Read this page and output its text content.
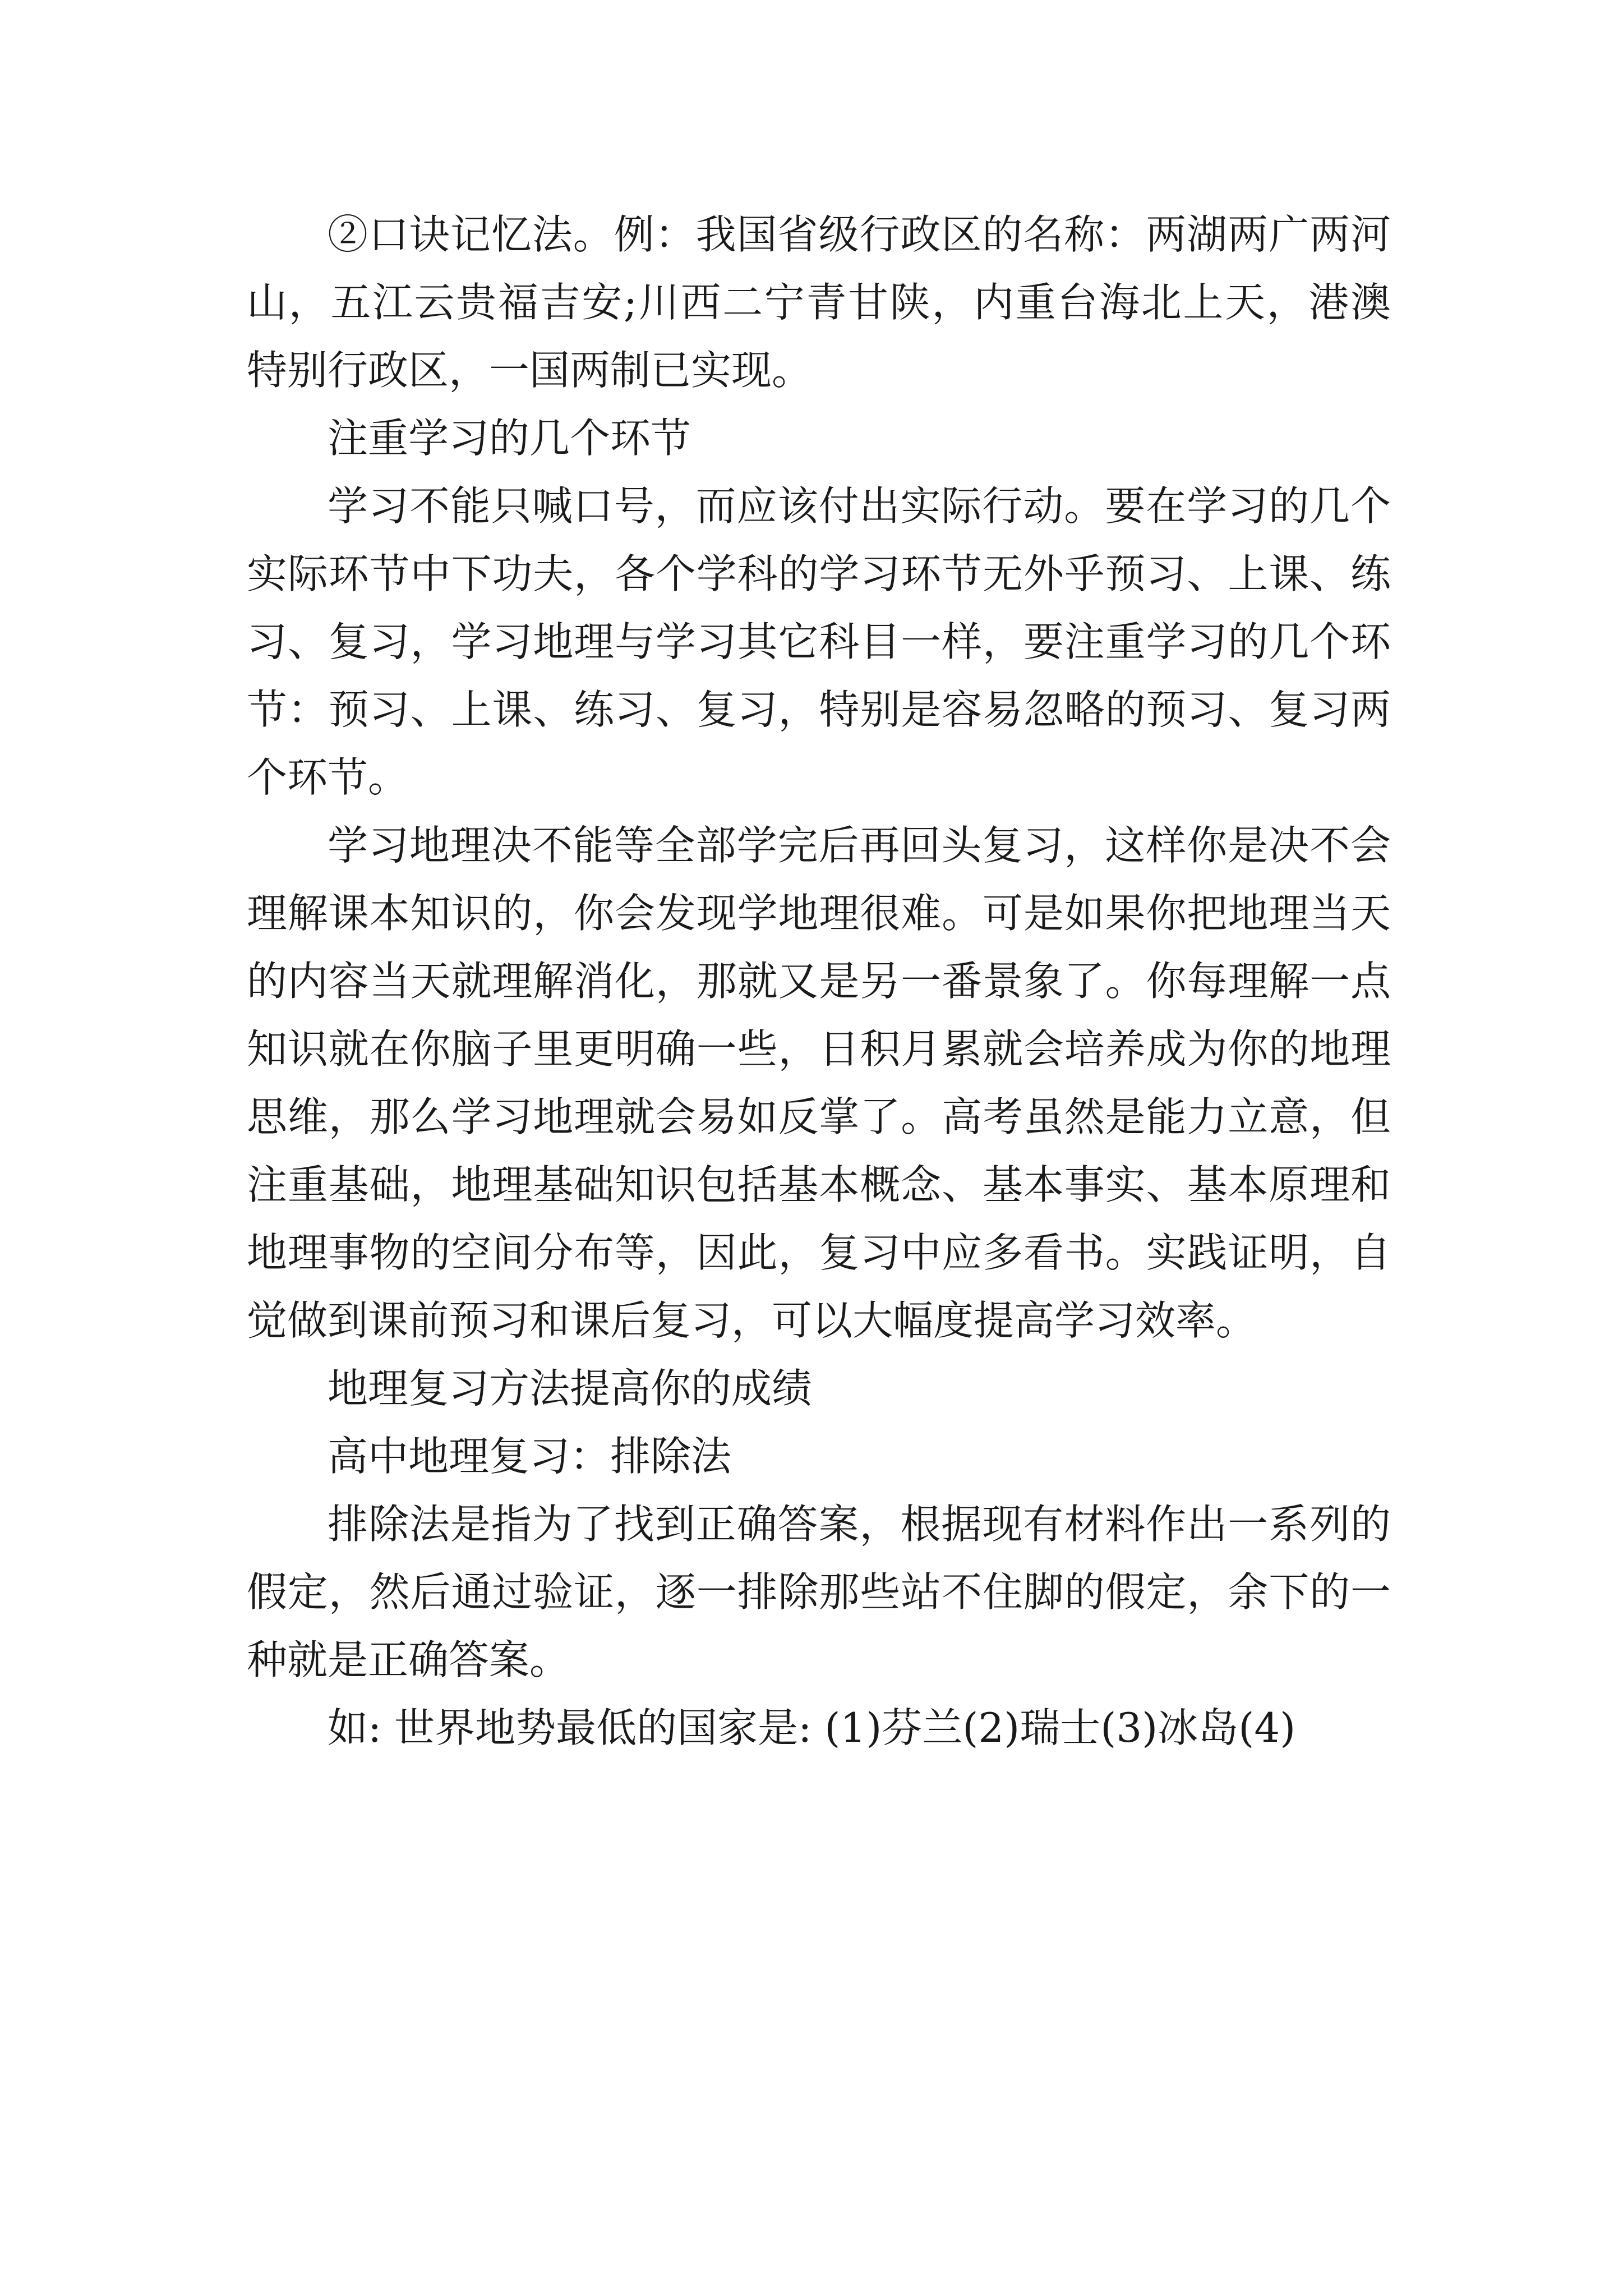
②口诀记忆法。例：我国省级行政区的名称：两湖两广两河山，五江云贵福吉安;川西二宁青甘陕，内重台海北上天，港澳特别行政区，一国两制已实现。

注重学习的几个环节

学习不能只喊口号，而应该付出实际行动。要在学习的几个实际环节中下功夫，各个学科的学习环节无外乎预习、上课、练习、复习，学习地理与学习其它科目一样，要注重学习的几个环节：预习、上课、练习、复习，特别是容易忽略的预习、复习两个环节。

学习地理决不能等全部学完后再回头复习，这样你是决不会理解课本知识的，你会发现学地理很难。可是如果你把地理当天的内容当天就理解消化，那就又是另一番景象了。你每理解一点知识就在你脑子里更明确一些，日积月累就会培养成为你的地理思维，那么学习地理就会易如反掌了。高考虽然是能力立意，但注重基础，地理基础知识包括基本概念、基本事实、基本原理和地理事物的空间分布等，因此，复习中应多看书。实践证明，自觉做到课前预习和课后复习，可以大幅度提高学习效率。

地理复习方法提高你的成绩

高中地理复习：排除法

排除法是指为了找到正确答案，根据现有材料作出一系列的假定，然后通过验证，逐一排除那些站不住脚的假定，余下的一种就是正确答案。

如: 世界地势最低的国家是: (1)芬兰(2)瑞士(3)冰岛(4)
